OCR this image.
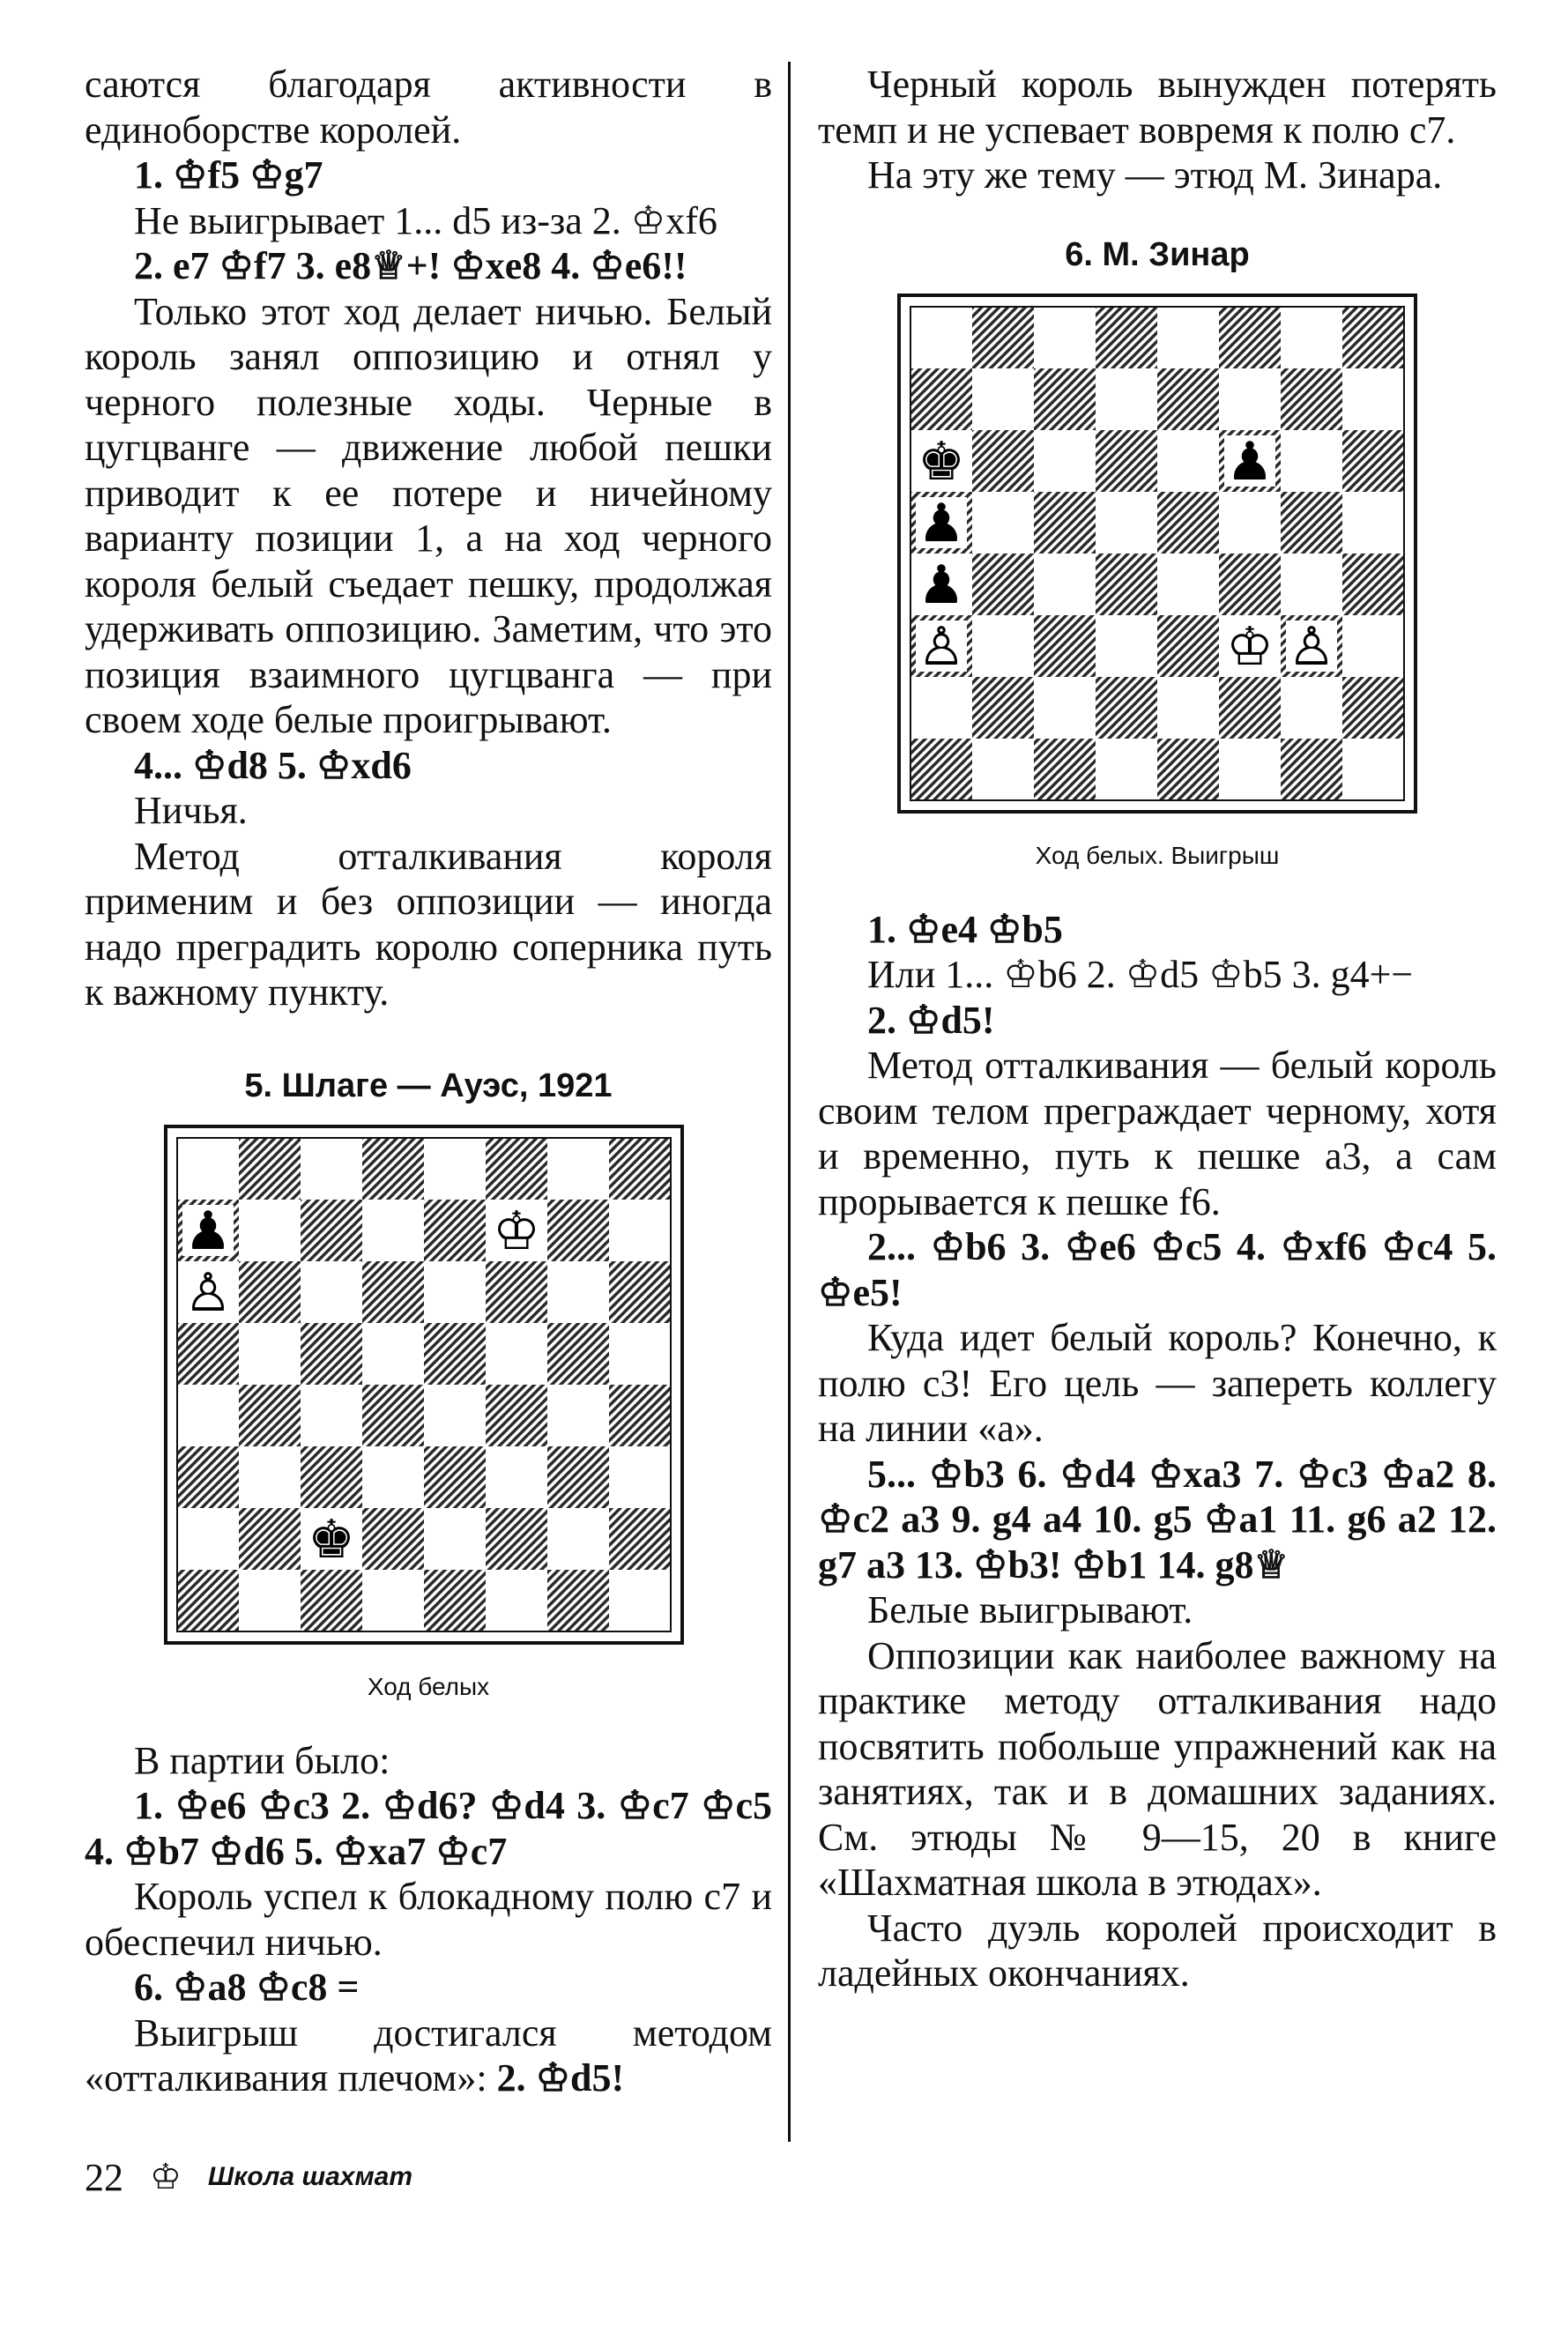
саются благодаря активности в единоборстве королей.

1. ♔f5 ♔g7

Не выигрывает 1... d5 из-за 2. ♔xf6

2. е7 ♔f7 3. е8♕+! ♔xe8 4. ♔e6!!

Только этот ход делает ничью. Белый король занял оппозицию и отнял у черного полезные ходы. Черные в цугцванге — движение любой пешки приводит к ее потере и ничейному варианту позиции 1, а на ход черного короля белый съедает пешку, продолжая удерживать оппозицию. Заметим, что это позиция взаимного цугцванга — при своем ходе белые проигрывают.

4... ♔d8 5. ♔xd6

Ничья.

Метод отталкивания короля применим и без оппозиции — иногда надо преградить королю соперника путь к важному пункту.

5. Шлаге — Ауэс, 1921
♟
♙
♔
♚
Ход белых

В партии было:

1. ♔e6 ♔c3 2. ♔d6? ♔d4 3. ♔c7 ♔c5 4. ♔b7 ♔d6 5. ♔xa7 ♔c7

Король успел к блокадному полю с7 и обеспечил ничью.

6. ♔a8 ♔c8 =

Выигрыш достигался методом «отталкивания плечом»: 2. ♔d5!

Черный король вынужден потерять темп и не успевает вовремя к полю с7.

На эту же тему — этюд М. Зинара.

6. М. Зинар
♚	♟
♟
♟
♙	♔ ♙
Ход белых. Выигрыш

1. ♔e4 ♔b5

Или 1... ♔b6 2. ♔d5 ♔b5 3. g4+−

2. ♔d5!

Метод отталкивания — белый король своим телом преграждает черному, хотя и временно, путь к пешке а3, а сам прорывается к пешке f6.

2... ♔b6 3. ♔e6 ♔c5 4. ♔xf6 ♔c4 5. ♔e5!

Куда идет белый король? Конечно, к полю с3! Его цель — запереть коллегу на линии «а».

5... ♔b3 6. ♔d4 ♔xa3 7. ♔c3 ♔a2 8. ♔c2 a3 9. g4 a4 10. g5 ♔a1 11. g6 a2 12. g7 a3 13. ♔b3! ♔b1 14. g8♕

Белые выигрывают.

Оппозиции как наиболее важному на практике методу отталкивания надо посвятить побольше упражнений как на занятиях, так и в домашних заданиях. См. этюды № 9—15, 20 в книге «Шахматная школа в этюдах».

Часто дуэль королей происходит в ладейных окончаниях.

22 ♔ Школа шахмат
